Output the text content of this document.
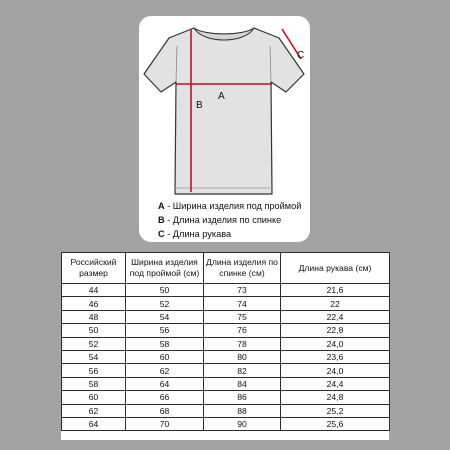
A
B
C
A - Ширина изделия под проймой
B - Длина изделия по спинке
C - Длина рукава
Российский размер	Ширина изделия под проймой (см)	Длина изделия по спинке (см)	Длина рукава (см)
44	50	73	21,6
46	52	74	22
48	54	75	22,4
50	56	76	22,8
52	58	78	24,0
54	60	80	23,6
56	62	82	24,0
58	64	84	24,4
60	66	86	24,8
62	68	88	25,2
64	70	90	25,6
